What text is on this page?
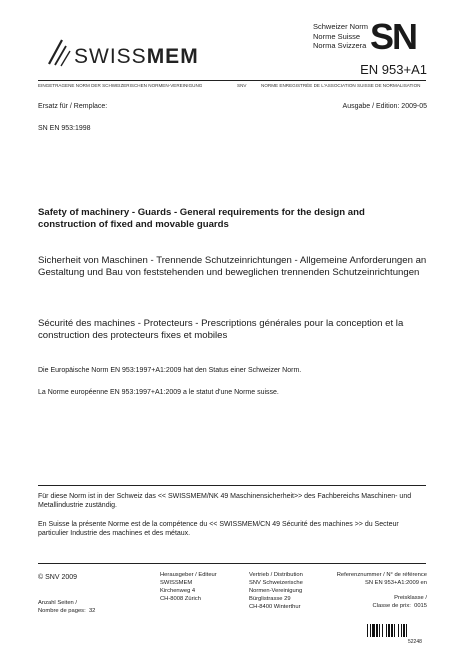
SWISSMEM
Schweizer Norm
Norme Suisse
Norma Svizzera SN
EN 953+A1
EINGETRAGENE NORM DER SCHWEIZERISCHEN NORMEN-VEREINIGUNG	SNV	NORME ENREGISTRÉE DE L'ASSOCIATION SUISSE DE NORMALISATION
Ersatz für / Remplace:	Ausgabe / Edition: 2009-05
SN EN 953:1998
Safety of machinery - Guards - General requirements for the design and construction of fixed and movable guards
Sicherheit von Maschinen - Trennende Schutzeinrichtungen - Allgemeine Anforderungen an Gestaltung und Bau von feststehenden und beweglichen trennenden Schutzeinrichtungen
Sécurité des machines - Protecteurs - Prescriptions générales pour la conception et la construction des protecteurs fixes et mobiles
Die Europäische Norm EN 953:1997+A1:2009 hat den Status einer Schweizer Norm.
La Norme européenne EN 953:1997+A1:2009 a le statut d'une Norme suisse.
Für diese Norm ist in der Schweiz das << SWISSMEM/NK 49 Maschinensicherheit>> des Fachbereichs Maschinen- und Metallindustrie zuständig.
En Suisse la présente Norme est de la compétence du << SWISSMEM/CN 49 Sécurité des machines >> du Secteur particulier Industrie des machines et des métaux.
© SNV 2009
Anzahl Seiten /
Nombre de pages: 32
Herausgeber / Editeur
SWISSMEM
Kirchenweg 4
CH-8008 Zürich
Vertrieb / Distribution
SNV Schweizerische
Normen-Vereinigung
Bürglistrasse 29
CH-8400 Winterthur
Referenznummer / N° de référence
SN EN 953+A1:2009 en
Preisklasse /
Classe de prix: 0015
52248
